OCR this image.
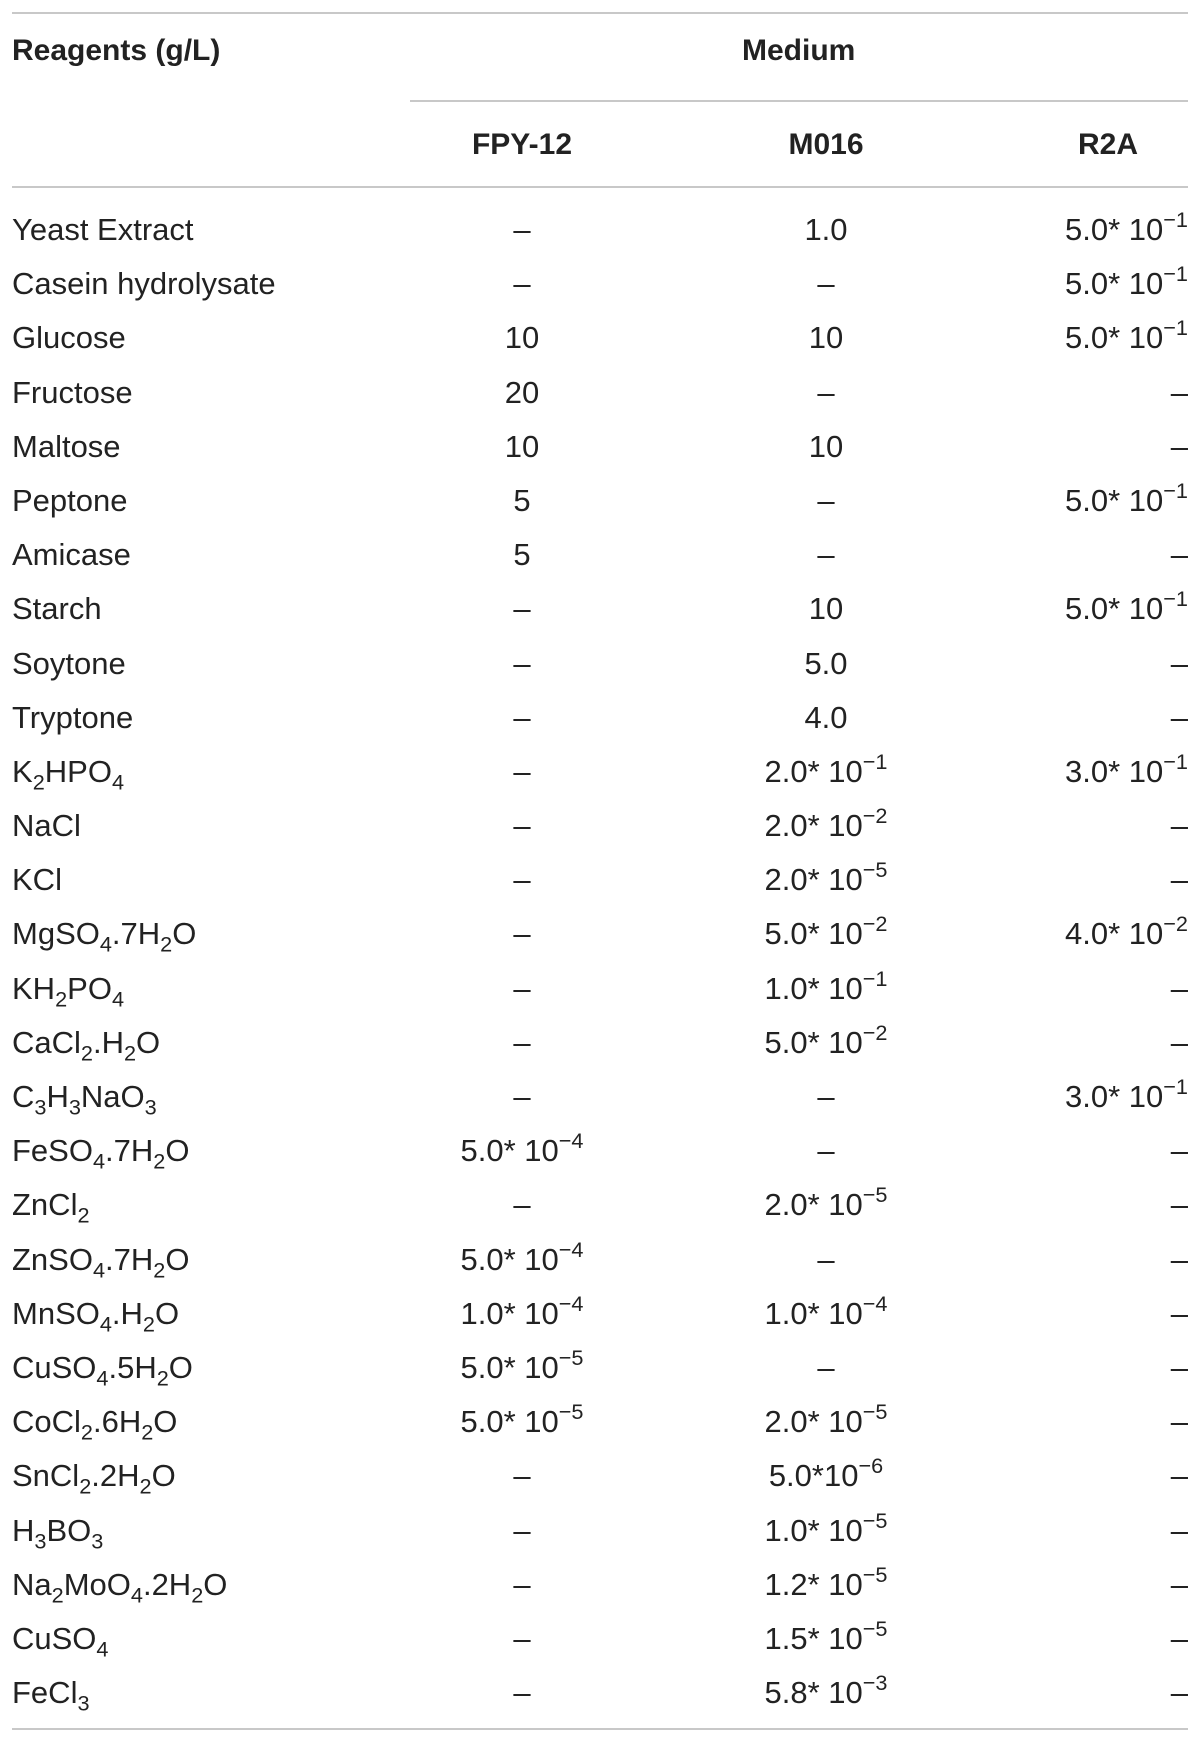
Reagents (g/L)	Medium
FPY-12	M016	R2A
Yeast Extract	–	1.0	5.0* $10^{-1}$
Casein hydrolysate	–	–	5.0* $10^{-1}$
Glucose	10	10	5.0* $10^{-1}$
Fructose	20	–	–
Maltose	10	10	–
Peptone	5	–	5.0* $10^{-1}$
Amicase	5	–	–
Starch	–	10	5.0* $10^{-1}$
Soytone	–	5.0	–
Tryptone	–	4.0	–
$K_2HPO_4$	–	2.0* $10^{-1}$	3.0* $10^{-1}$
NaCl	–	2.0* $10^{-2}$	–
KCl	–	2.0* $10^{-5}$	–
$MgSO_4.7H_2O$	–	5.0* $10^{-2}$	4.0* $10^{-2}$
$KH_2PO_4$	–	1.0* $10^{-1}$	–
$CaCl_2.H_2O$	–	5.0* $10^{-2}$	–
$C_3H_3NaO_3$	–	–	3.0* $10^{-1}$
$FeSO_4.7H_2O$	5.0* $10^{-4}$	–	–
ZnCl$_2$	–	2.0* $10^{-5}$	–
$ZnSO_4.7H_2O$	5.0* $10^{-4}$	–	–
$MnSO_4.H_2O$	1.0* $10^{-4}$	1.0* $10^{-4}$	–
$CuSO_4.5H_2O$	5.0* $10^{-5}$	–	–
$CoCl_2.6H_2O$	5.0* $10^{-5}$	2.0* $10^{-5}$	–
$SnCl_2.2H_2O$	–	$5.0*10^{-6}$	–
$H_3BO_3$	–	1.0* $10^{-5}$	–
$Na_2MoO_4.2H_2O$	–	1.2* $10^{-5}$	–
CuSO$_4$	–	1.5* $10^{-5}$	–
FeCl$_3$	–	5.8* $10^{-3}$	–
